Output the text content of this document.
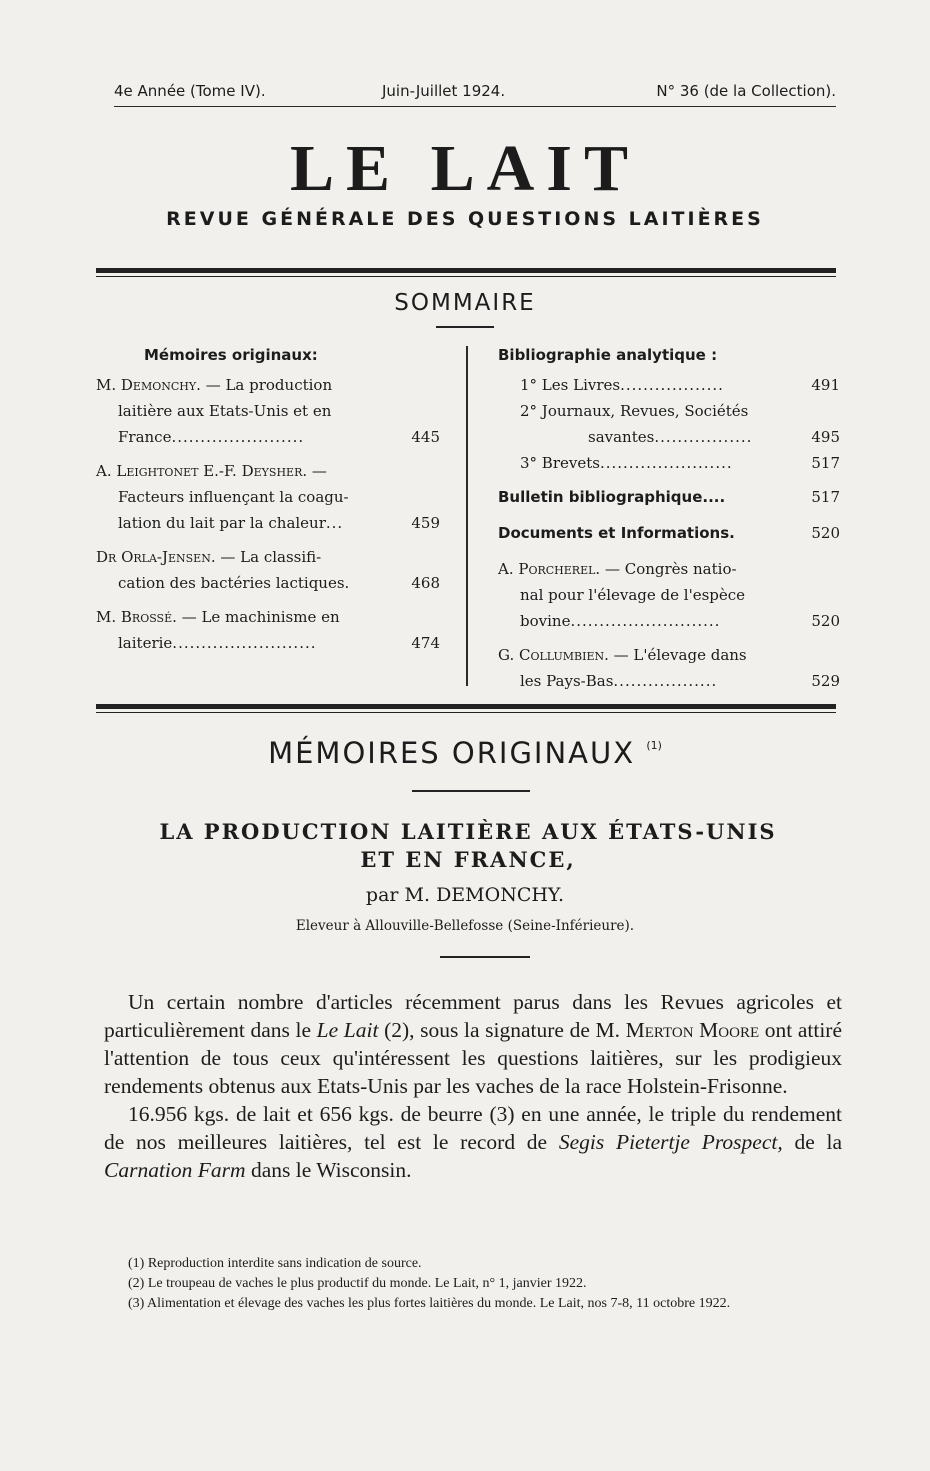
4e Année (Tome IV).	Juin-Juillet 1924.	N° 36 (de la Collection).
LE LAIT
REVUE GÉNÉRALE DES QUESTIONS LAITIÈRES
SOMMAIRE
Mémoires originaux:
M. Demonchy. — La production
laitière aux Etats-Unis et en
France.......................	445
A. Leightonet E.-F. Deysher. —
Facteurs influençant la coagu-
lation du lait par la chaleur...	459
Dr Orla-Jensen. — La classifi-
cation des bactéries lactiques.	468
M. Brossé. — Le machinisme en
laiterie.........................	474
Bibliographie analytique :
1° Les Livres..................	491
2° Journaux, Revues, Sociétés
savantes.................	495
3° Brevets.......................	517
Bulletin bibliographique....	517
Documents et Informations.	520
A. Porcherel. — Congrès natio-
nal pour l'élevage de l'espèce
bovine..........................	520
G. Collumbien. — L'élevage dans
les Pays-Bas..................	529
MÉMOIRES ORIGINAUX $^{(1)}$
LA PRODUCTION LAITIÈRE AUX ÉTATS-UNIS
ET EN FRANCE,
par M. DEMONCHY.
Eleveur à Allouville-Bellefosse (Seine-Inférieure).

Un certain nombre d'articles récemment parus dans les Revues agricoles et particulièrement dans le Le Lait (2), sous la signature de M. Merton Moore ont attiré l'attention de tous ceux qu'intéressent les questions laitières, sur les prodigieux rendements obtenus aux Etats-Unis par les vaches de la race Holstein-Frisonne.

16.956 kgs. de lait et 656 kgs. de beurre (3) en une année, le triple du rendement de nos meilleures laitières, tel est le record de Segis Pietertje Prospect, de la Carnation Farm dans le Wisconsin.

(1) Reproduction interdite sans indication de source.
(2) Le troupeau de vaches le plus productif du monde. Le Lait, n° 1, janvier 1922.
(3) Alimentation et élevage des vaches les plus fortes laitières du monde. Le Lait, nos 7-8, 11 octobre 1922.
